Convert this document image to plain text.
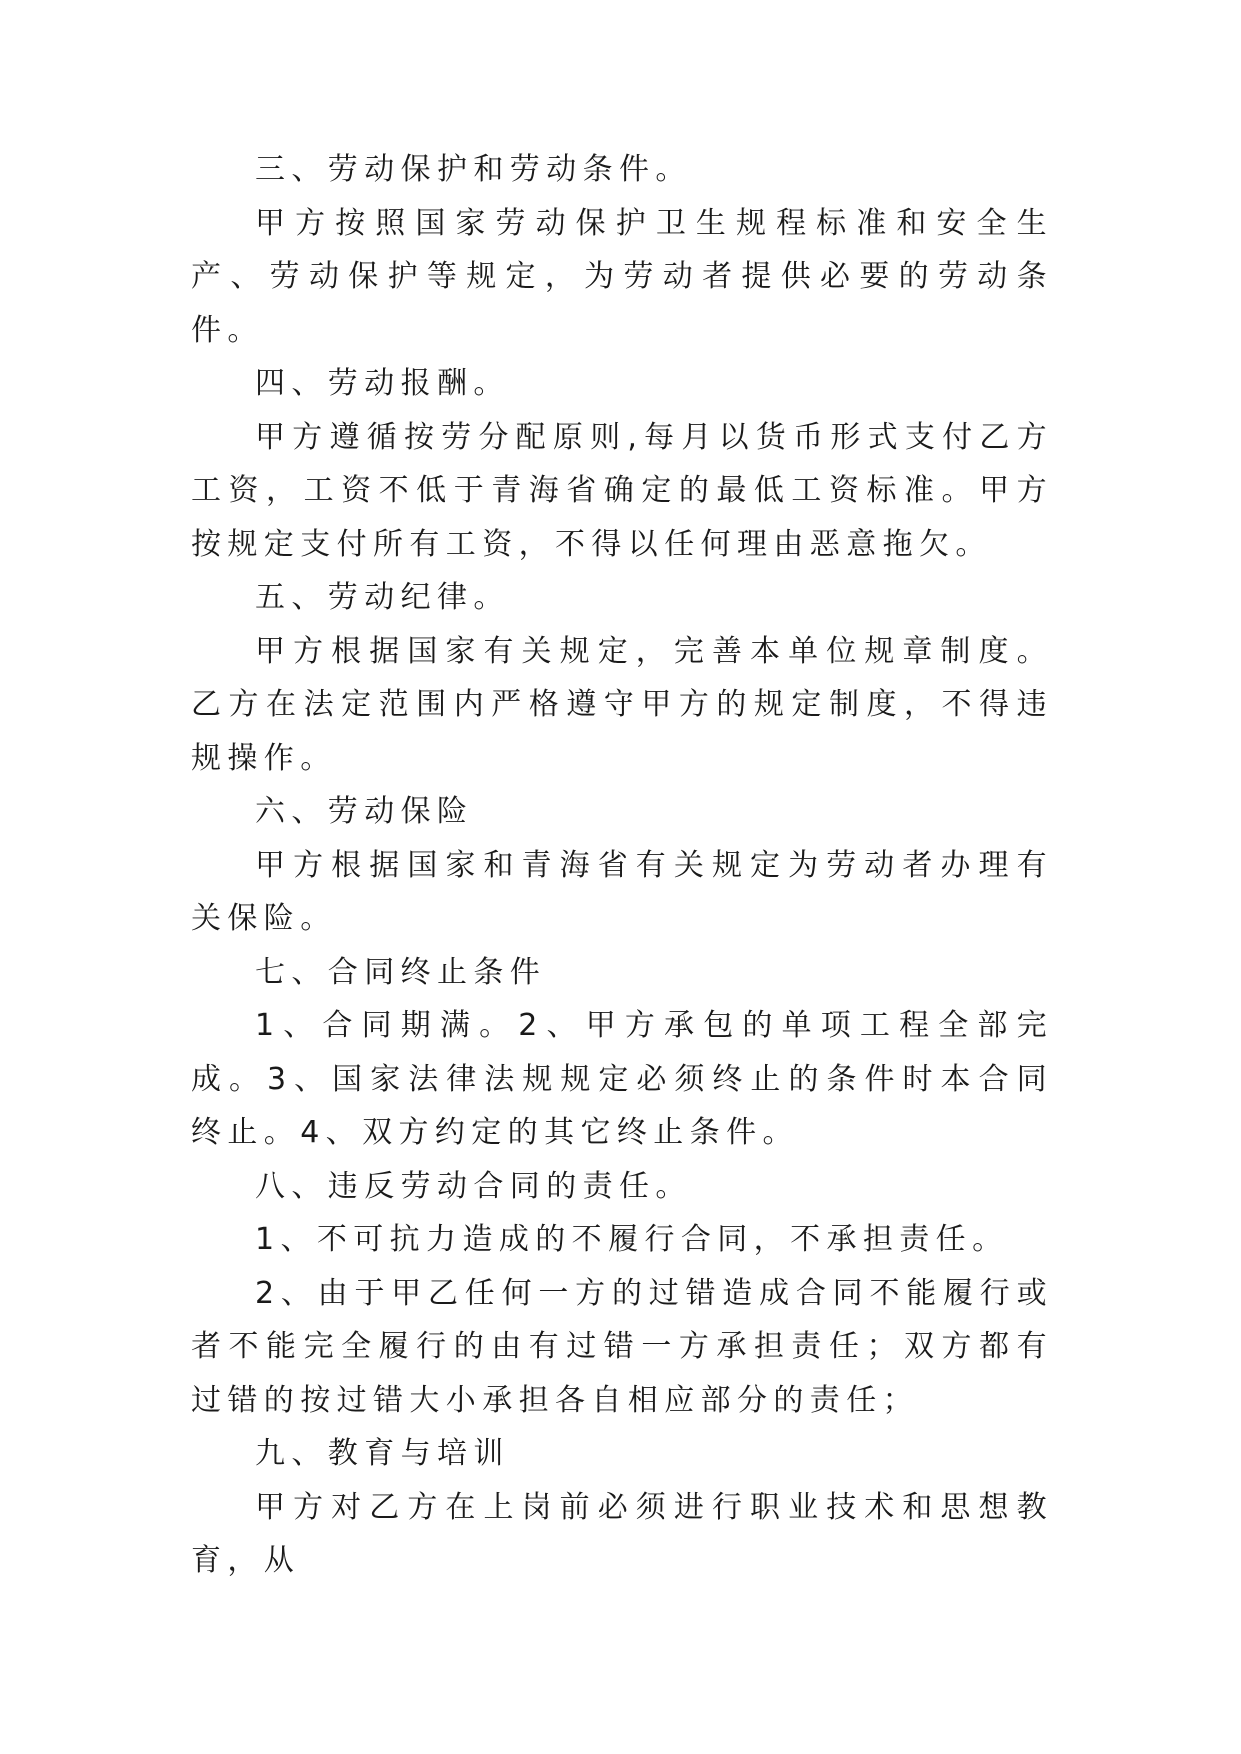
三、劳动保护和劳动条件。

甲方按照国家劳动保护卫生规程标准和安全生产、劳动保护等规定，为劳动者提供必要的劳动条件。

四、劳动报酬。

甲方遵循按劳分配原则,每月以货币形式支付乙方工资，工资不低于青海省确定的最低工资标准。甲方按规定支付所有工资，不得以任何理由恶意拖欠。

五、劳动纪律。

甲方根据国家有关规定，完善本单位规章制度。乙方在法定范围内严格遵守甲方的规定制度，不得违规操作。

六、劳动保险

甲方根据国家和青海省有关规定为劳动者办理有关保险。

七、合同终止条件

1、合同期满。2、甲方承包的单项工程全部完成。3、国家法律法规规定必须终止的条件时本合同终止。4、双方约定的其它终止条件。

八、违反劳动合同的责任。

1、不可抗力造成的不履行合同，不承担责任。

2、由于甲乙任何一方的过错造成合同不能履行或者不能完全履行的由有过错一方承担责任；双方都有过错的按过错大小承担各自相应部分的责任；

九、教育与培训

甲方对乙方在上岗前必须进行职业技术和思想教育，从
